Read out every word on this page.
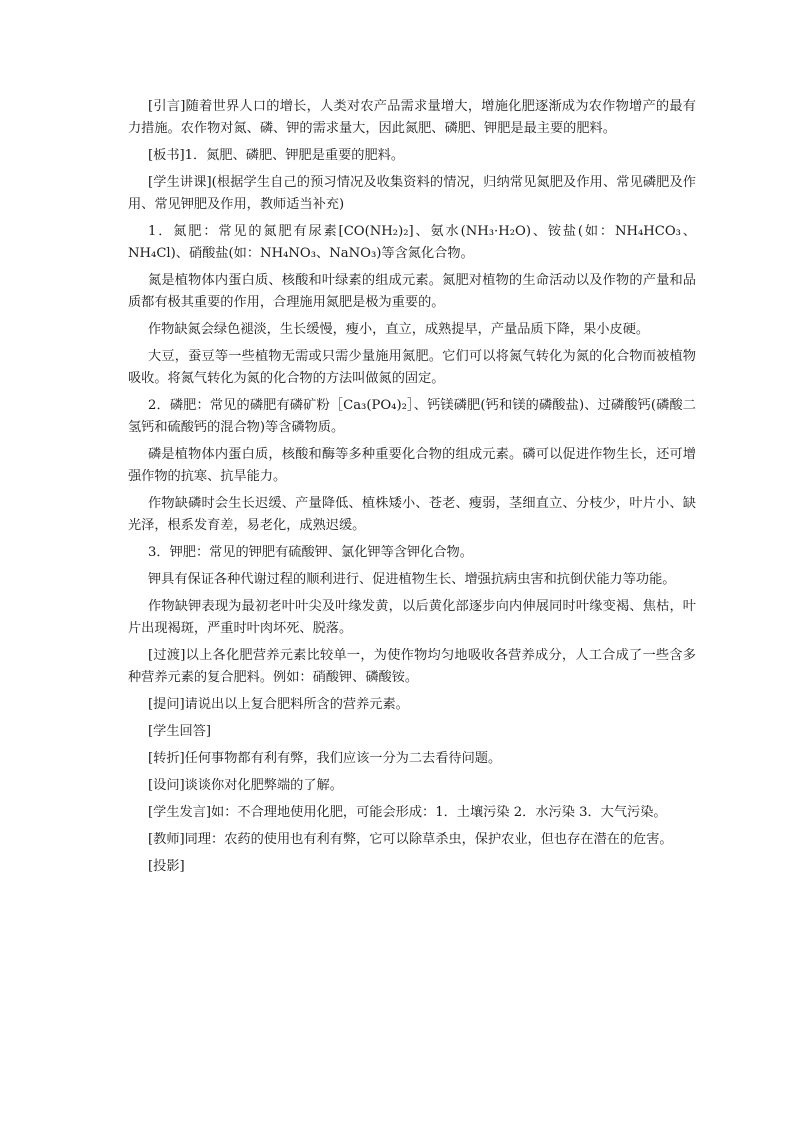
[引言]随着世界人口的增长，人类对农产品需求量增大，增施化肥逐渐成为农作物增产的最有力措施。农作物对氮、磷、钾的需求量大，因此氮肥、磷肥、钾肥是最主要的肥料。

[板书]1．氮肥、磷肥、钾肥是重要的肥料。

[学生讲课](根据学生自己的预习情况及收集资料的情况，归纳常见氮肥及作用、常见磷肥及作用、常见钾肥及作用，教师适当补充)

1．氮肥：常见的氮肥有尿素[CO(NH₂)₂]、氨水(NH₃·H₂O)、铵盐(如：NH₄HCO₃、NH₄Cl)、硝酸盐(如：NH₄NO₃、NaNO₃)等含氮化合物。

氮是植物体内蛋白质、核酸和叶绿素的组成元素。氮肥对植物的生命活动以及作物的产量和品质都有极其重要的作用，合理施用氮肥是极为重要的。

作物缺氮会绿色褪淡，生长缓慢，瘦小，直立，成熟提早，产量品质下降，果小皮硬。

大豆，蚕豆等一些植物无需或只需少量施用氮肥。它们可以将氮气转化为氮的化合物而被植物吸收。将氮气转化为氮的化合物的方法叫做氮的固定。

2．磷肥：常见的磷肥有磷矿粉［Ca₃(PO₄)₂］、钙镁磷肥(钙和镁的磷酸盐)、过磷酸钙(磷酸二氢钙和硫酸钙的混合物)等含磷物质。

磷是植物体内蛋白质，核酸和酶等多种重要化合物的组成元素。磷可以促进作物生长，还可增强作物的抗寒、抗旱能力。

作物缺磷时会生长迟缓、产量降低、植株矮小、苍老、瘦弱，茎细直立、分枝少，叶片小、缺光泽，根系发育差，易老化，成熟迟缓。

3．钾肥：常见的钾肥有硫酸钾、氯化钾等含钾化合物。

钾具有保证各种代谢过程的顺利进行、促进植物生长、增强抗病虫害和抗倒伏能力等功能。

作物缺钾表现为最初老叶叶尖及叶缘发黄，以后黄化部逐步向内伸展同时叶缘变褐、焦枯，叶片出现褐斑，严重时叶肉坏死、脱落。

[过渡]以上各化肥营养元素比较单一，为使作物均匀地吸收各营养成分，人工合成了一些含多种营养元素的复合肥料。例如：硝酸钾、磷酸铵。

[提问]请说出以上复合肥料所含的营养元素。

[学生回答]

[转折]任何事物都有利有弊，我们应该一分为二去看待问题。

[设问]谈谈你对化肥弊端的了解。

[学生发言]如：不合理地使用化肥，可能会形成：1．土壤污染 2．水污染 3．大气污染。

[教师]同理：农药的使用也有利有弊，它可以除草杀虫，保护农业，但也存在潜在的危害。

[投影]
